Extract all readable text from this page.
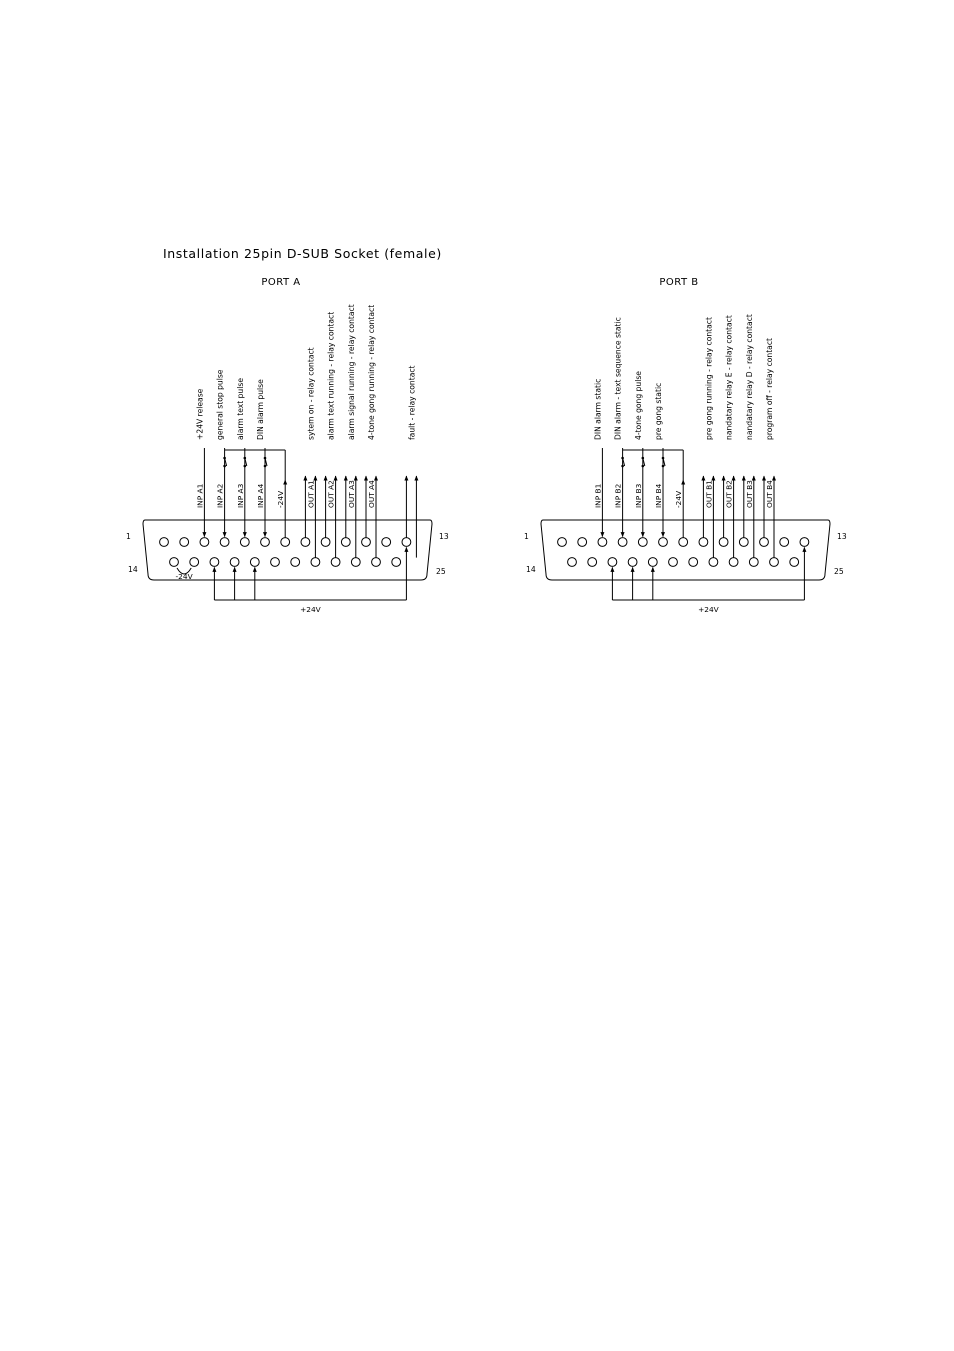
Installation 25pin D-SUB Socket (female)
PORT A
1	13
14	25
INP A1
+24V release
INP A2
general stop pulse
INP A3
alarm text pulse
INP A4
DIN alarm pulse
-24V	OUT A1
sytem on - relay contact
OUT A2
alarm text running - relay contact
OUT A3
alarm signal running - relay contact
OUT A4
4-tone gong running - relay contact	fault - relay contact
+24V
-24V
PORT B
1	13
14	25
INP B1
DIN alarm static
INP B2
DIN alarm - text sequence static
INP B3
4-tone gong pulse
INP B4
pre gong static
-24V	OUT B1
pre gong running - relay contact
OUT B2
nandatary relay E - relay contact
OUT B3
nandatary relay D - relay contact
OUT B4
program off - relay contact
+24V
